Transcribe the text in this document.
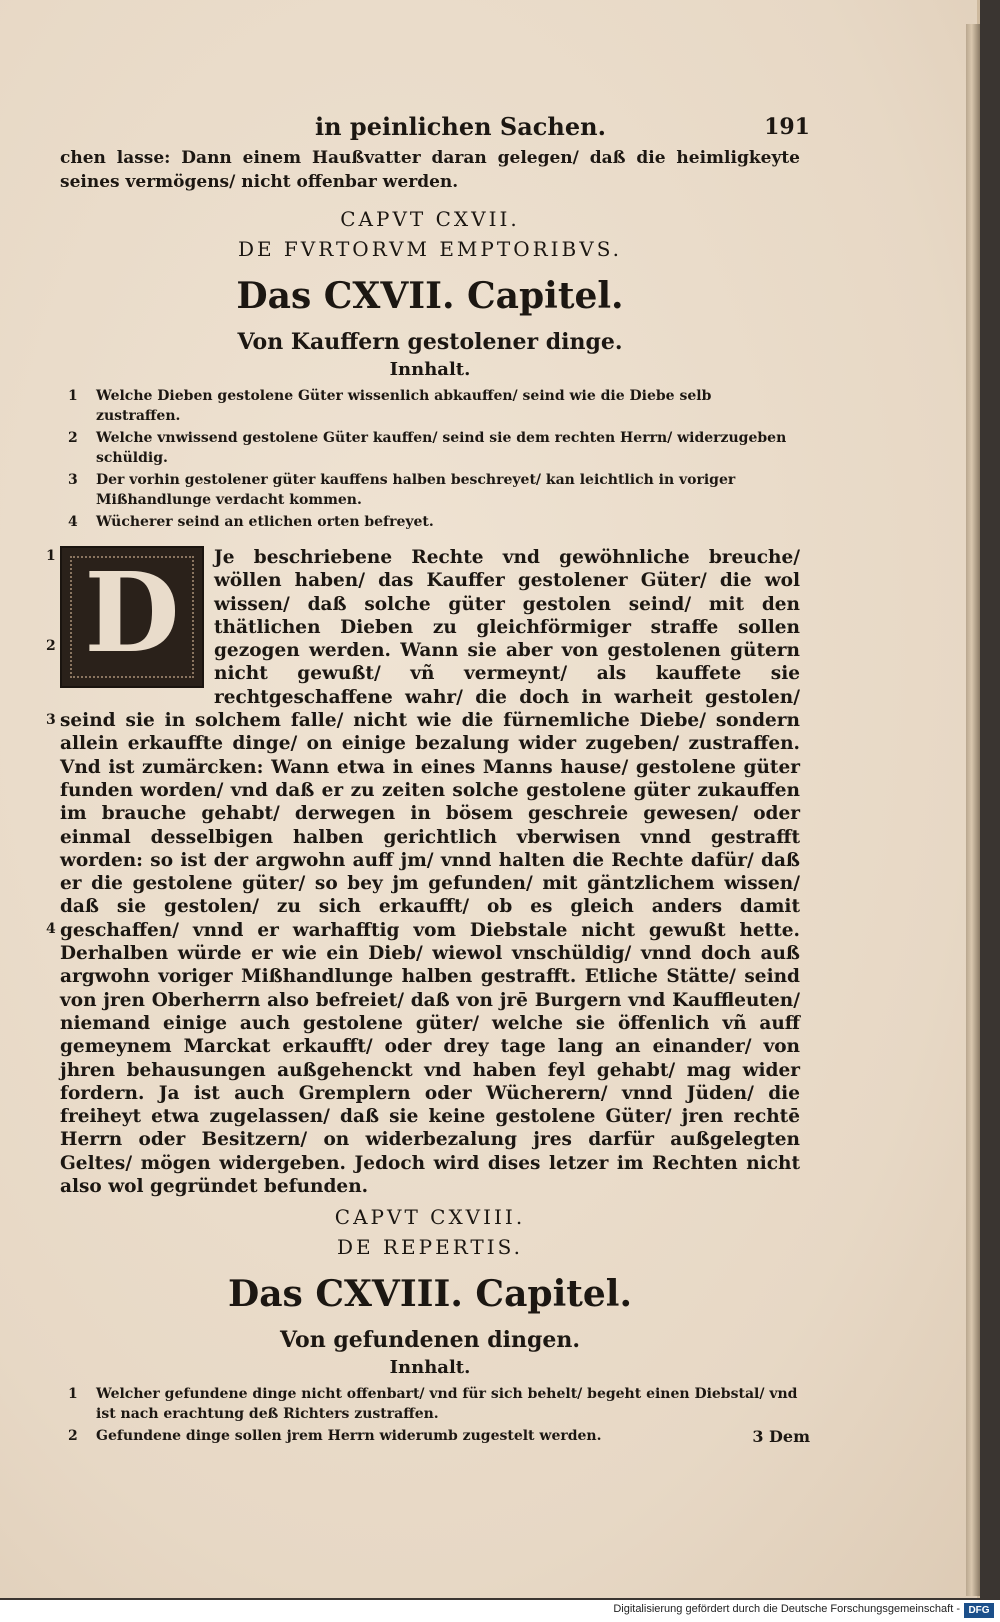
in peinlichen Sachen.	191

chen lasse: Dann einem Haußvatter daran gelegen/ daß die heimligkeyte seines vermögens/ nicht offenbar werden.

CAPVT CXVII.

DE FVRTORVM EMPTORIBVS.

Das CXVII. Capitel.

Von Kauffern gestolener dinge.

Innhalt.

1 Welche Dieben gestolene Güter wissenlich abkauffen/ seind wie die Diebe selb zustraffen.
2 Welche vnwissend gestolene Güter kauffen/ seind sie dem rechten Herrn/ widerzugeben schüldig.
3 Der vorhin gestolener güter kauffens halben beschreyet/ kan leichtlich in voriger Mißhandlunge verdacht kommen.
4 Wücherer seind an etlichen orten befreyet.
1
2
3
4
D	Je beschriebene Rechte vnd gewöhnliche breuche/ wöllen haben/ das Kauffer gestolener Güter/ die wol wissen/ daß solche güter gestolen seind/ mit den thätlichen Dieben zu gleichförmiger straffe sollen gezogen werden. Wann sie aber von gestolenen gütern nicht gewußt/ vñ vermeynt/ als kauffete sie rechtgeschaffene wahr/ die doch in warheit gestolen/ seind sie in solchem falle/ nicht wie die fürnemliche Diebe/ sondern allein erkauffte dinge/ on einige bezalung wider zugeben/ zustraffen. Vnd ist zumärcken: Wann etwa in eines Manns hause/ gestolene güter funden worden/ vnd daß er zu zeiten solche gestolene güter zukauffen im brauche gehabt/ derwegen in bösem geschreie gewesen/ oder einmal desselbigen halben gerichtlich vberwisen vnnd gestrafft worden: so ist der argwohn auff jm/ vnnd halten die Rechte dafür/ daß er die gestolene güter/ so bey jm gefunden/ mit gäntzlichem wissen/ daß sie gestolen/ zu sich erkaufft/ ob es gleich anders damit geschaffen/ vnnd er warhafftig vom Diebstale nicht gewußt hette. Derhalben würde er wie ein Dieb/ wiewol vnschüldig/ vnnd doch auß argwohn voriger Mißhandlunge halben gestrafft. Etliche Stätte/ seind von jren Oberherrn also befreiet/ daß von jrē Burgern vnd Kauffleuten/ niemand einige auch gestolene güter/ welche sie öffenlich vñ auff gemeynem Marckat erkaufft/ oder drey tage lang an einander/ von jhren behausungen außgehenckt vnd haben feyl gehabt/ mag wider fordern. Ja ist auch Gremplern oder Wücherern/ vnnd Jüden/ die freiheyt etwa zugelassen/ daß sie keine gestolene Güter/ jren rechtē Herrn oder Besitzern/ on widerbezalung jres darfür außgelegten Geltes/ mögen widergeben. Jedoch wird dises letzer im Rechten nicht also wol gegründet befunden.

CAPVT CXVIII.

DE REPERTIS.

Das CXVIII. Capitel.

Von gefundenen dingen.

Innhalt.

1 Welcher gefundene dinge nicht offenbart/ vnd für sich behelt/ begeht einen Diebstal/ vnd ist nach erachtung deß Richters zustraffen.
2 Gefundene dinge sollen jrem Herrn widerumb zugestelt werden.	3 Dem
Digitalisierung gefördert durch die Deutsche Forschungsgemeinschaft - DFG
